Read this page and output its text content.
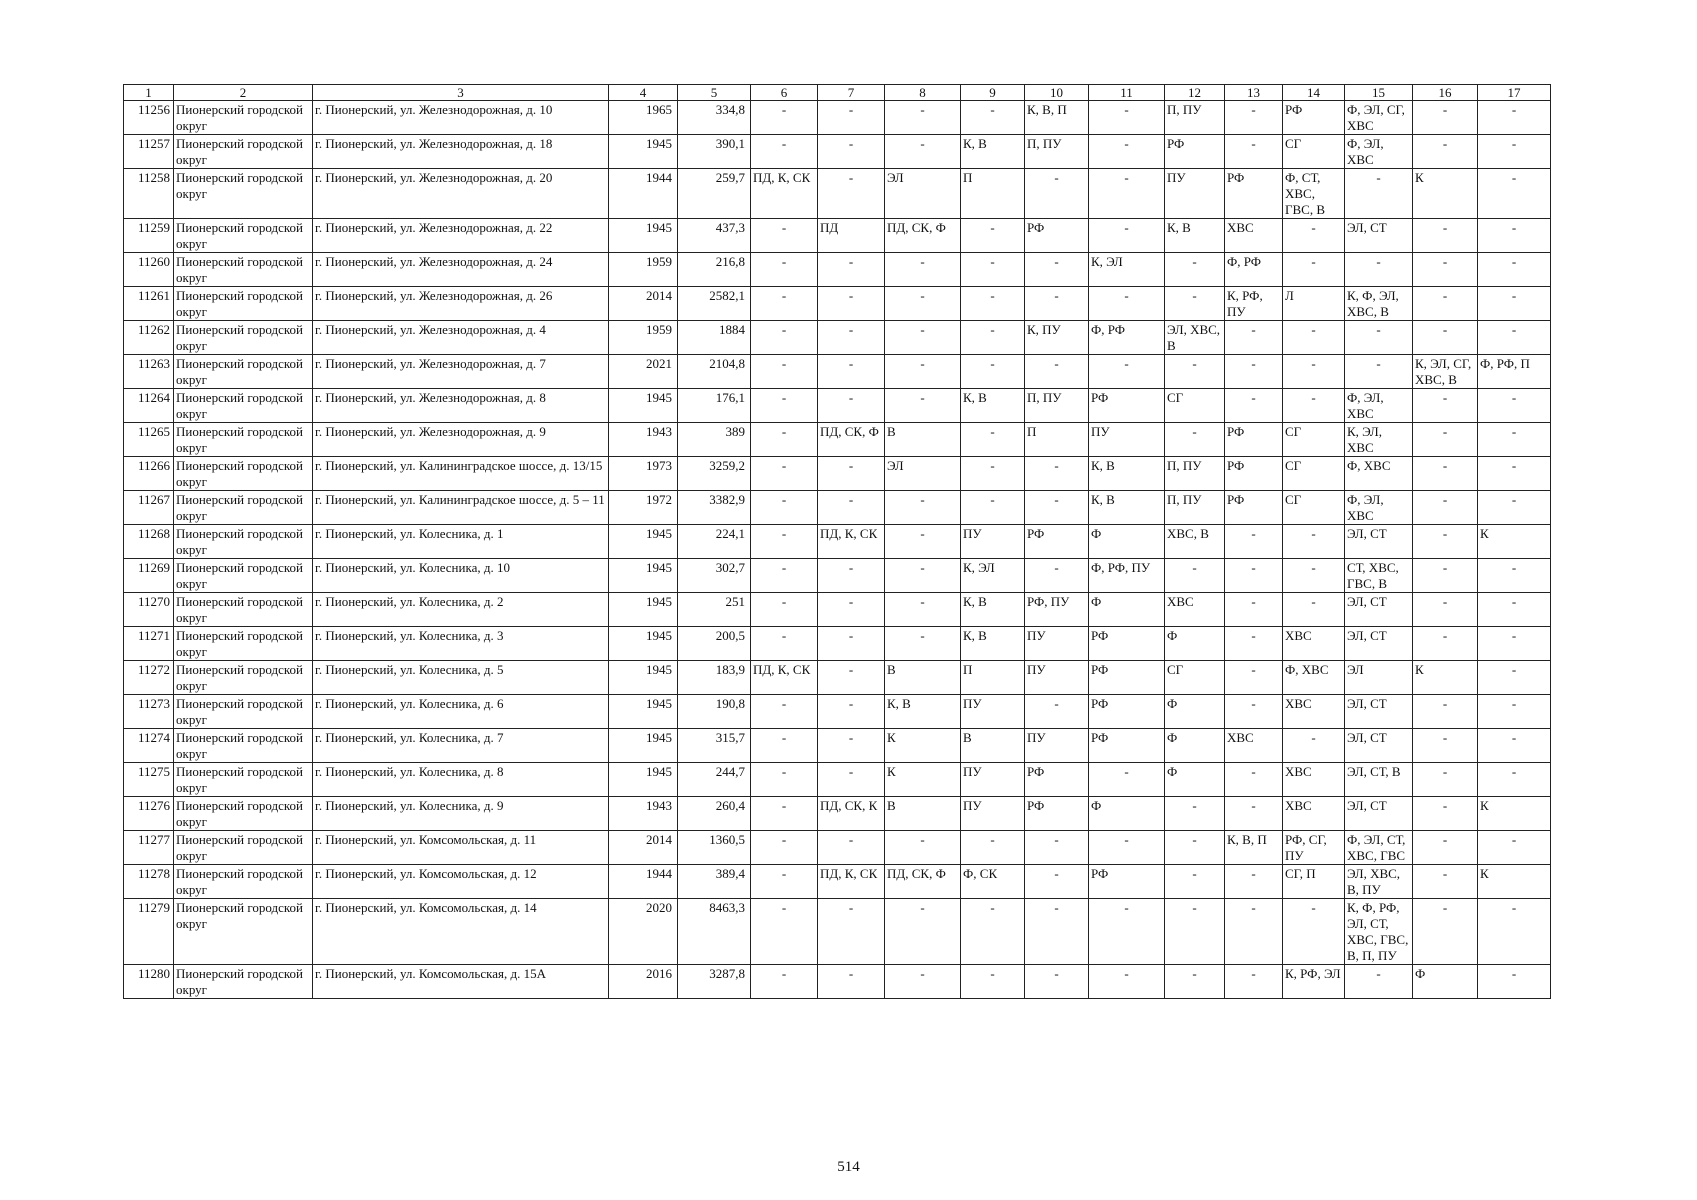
1	2	3	4	5	6	7	8	9	10	11	12	13	14	15	16	17
11256	Пионерский городской округ	г. Пионерский, ул. Железнодорожная, д. 10	1965	334,8	-	-	-	-	К, В, П	-	П, ПУ	-	РФ	Ф, ЭЛ, СГ, ХВС	-	-
11257	Пионерский городской округ	г. Пионерский, ул. Железнодорожная, д. 18	1945	390,1	-	-	-	К, В	П, ПУ	-	РФ	-	СГ	Ф, ЭЛ, ХВС	-	-
11258	Пионерский городской округ	г. Пионерский, ул. Железнодорожная, д. 20	1944	259,7	ПД, К, СК	-	ЭЛ	П	-	-	ПУ	РФ	Ф, СТ, ХВС, ГВС, В	-	К	-
11259	Пионерский городской округ	г. Пионерский, ул. Железнодорожная, д. 22	1945	437,3	-	ПД	ПД, СК, Ф	-	РФ	-	К, В	ХВС	-	ЭЛ, СТ	-	-
11260	Пионерский городской округ	г. Пионерский, ул. Железнодорожная, д. 24	1959	216,8	-	-	-	-	-	К, ЭЛ	-	Ф, РФ	-	-	-	-
11261	Пионерский городской округ	г. Пионерский, ул. Железнодорожная, д. 26	2014	2582,1	-	-	-	-	-	-	-	К, РФ, ПУ	Л	К, Ф, ЭЛ, ХВС, В	-	-
11262	Пионерский городской округ	г. Пионерский, ул. Железнодорожная, д. 4	1959	1884	-	-	-	-	К, ПУ	Ф, РФ	ЭЛ, ХВС, В	-	-	-	-	-
11263	Пионерский городской округ	г. Пионерский, ул. Железнодорожная, д. 7	2021	2104,8	-	-	-	-	-	-	-	-	-	-	К, ЭЛ, СГ, ХВС, В	Ф, РФ, П
11264	Пионерский городской округ	г. Пионерский, ул. Железнодорожная, д. 8	1945	176,1	-	-	-	К, В	П, ПУ	РФ	СГ	-	-	Ф, ЭЛ, ХВС	-	-
11265	Пионерский городской округ	г. Пионерский, ул. Железнодорожная, д. 9	1943	389	-	ПД, СК, Ф	В	-	П	ПУ	-	РФ	СГ	К, ЭЛ, ХВС	-	-
11266	Пионерский городской округ	г. Пионерский, ул. Калининградское шоссе, д. 13/15	1973	3259,2	-	-	ЭЛ	-	-	К, В	П, ПУ	РФ	СГ	Ф, ХВС	-	-
11267	Пионерский городской округ	г. Пионерский, ул. Калининградское шоссе, д. 5 – 11	1972	3382,9	-	-	-	-	-	К, В	П, ПУ	РФ	СГ	Ф, ЭЛ, ХВС	-	-
11268	Пионерский городской округ	г. Пионерский, ул. Колесника, д. 1	1945	224,1	-	ПД, К, СК	-	ПУ	РФ	Ф	ХВС, В	-	-	ЭЛ, СТ	-	К
11269	Пионерский городской округ	г. Пионерский, ул. Колесника, д. 10	1945	302,7	-	-	-	К, ЭЛ	-	Ф, РФ, ПУ	-	-	-	СТ, ХВС, ГВС, В	-	-
11270	Пионерский городской округ	г. Пионерский, ул. Колесника, д. 2	1945	251	-	-	-	К, В	РФ, ПУ	Ф	ХВС	-	-	ЭЛ, СТ	-	-
11271	Пионерский городской округ	г. Пионерский, ул. Колесника, д. 3	1945	200,5	-	-	-	К, В	ПУ	РФ	Ф	-	ХВС	ЭЛ, СТ	-	-
11272	Пионерский городской округ	г. Пионерский, ул. Колесника, д. 5	1945	183,9	ПД, К, СК	-	В	П	ПУ	РФ	СГ	-	Ф, ХВС	ЭЛ	К	-
11273	Пионерский городской округ	г. Пионерский, ул. Колесника, д. 6	1945	190,8	-	-	К, В	ПУ	-	РФ	Ф	-	ХВС	ЭЛ, СТ	-	-
11274	Пионерский городской округ	г. Пионерский, ул. Колесника, д. 7	1945	315,7	-	-	К	В	ПУ	РФ	Ф	ХВС	-	ЭЛ, СТ	-	-
11275	Пионерский городской округ	г. Пионерский, ул. Колесника, д. 8	1945	244,7	-	-	К	ПУ	РФ	-	Ф	-	ХВС	ЭЛ, СТ, В	-	-
11276	Пионерский городской округ	г. Пионерский, ул. Колесника, д. 9	1943	260,4	-	ПД, СК, К	В	ПУ	РФ	Ф	-	-	ХВС	ЭЛ, СТ	-	К
11277	Пионерский городской округ	г. Пионерский, ул. Комсомольская, д. 11	2014	1360,5	-	-	-	-	-	-	-	К, В, П	РФ, СГ, ПУ	Ф, ЭЛ, СТ, ХВС, ГВС	-	-
11278	Пионерский городской округ	г. Пионерский, ул. Комсомольская, д. 12	1944	389,4	-	ПД, К, СК	ПД, СК, Ф	Ф, СК	-	РФ	-	-	СГ, П	ЭЛ, ХВС, В, ПУ	-	К
11279	Пионерский городской округ	г. Пионерский, ул. Комсомольская, д. 14	2020	8463,3	-	-	-	-	-	-	-	-	-	К, Ф, РФ, ЭЛ, СТ, ХВС, ГВС, В, П, ПУ	-	-
11280	Пионерский городской округ	г. Пионерский, ул. Комсомольская, д. 15А	2016	3287,8	-	-	-	-	-	-	-	-	К, РФ, ЭЛ	-	Ф	-
514
